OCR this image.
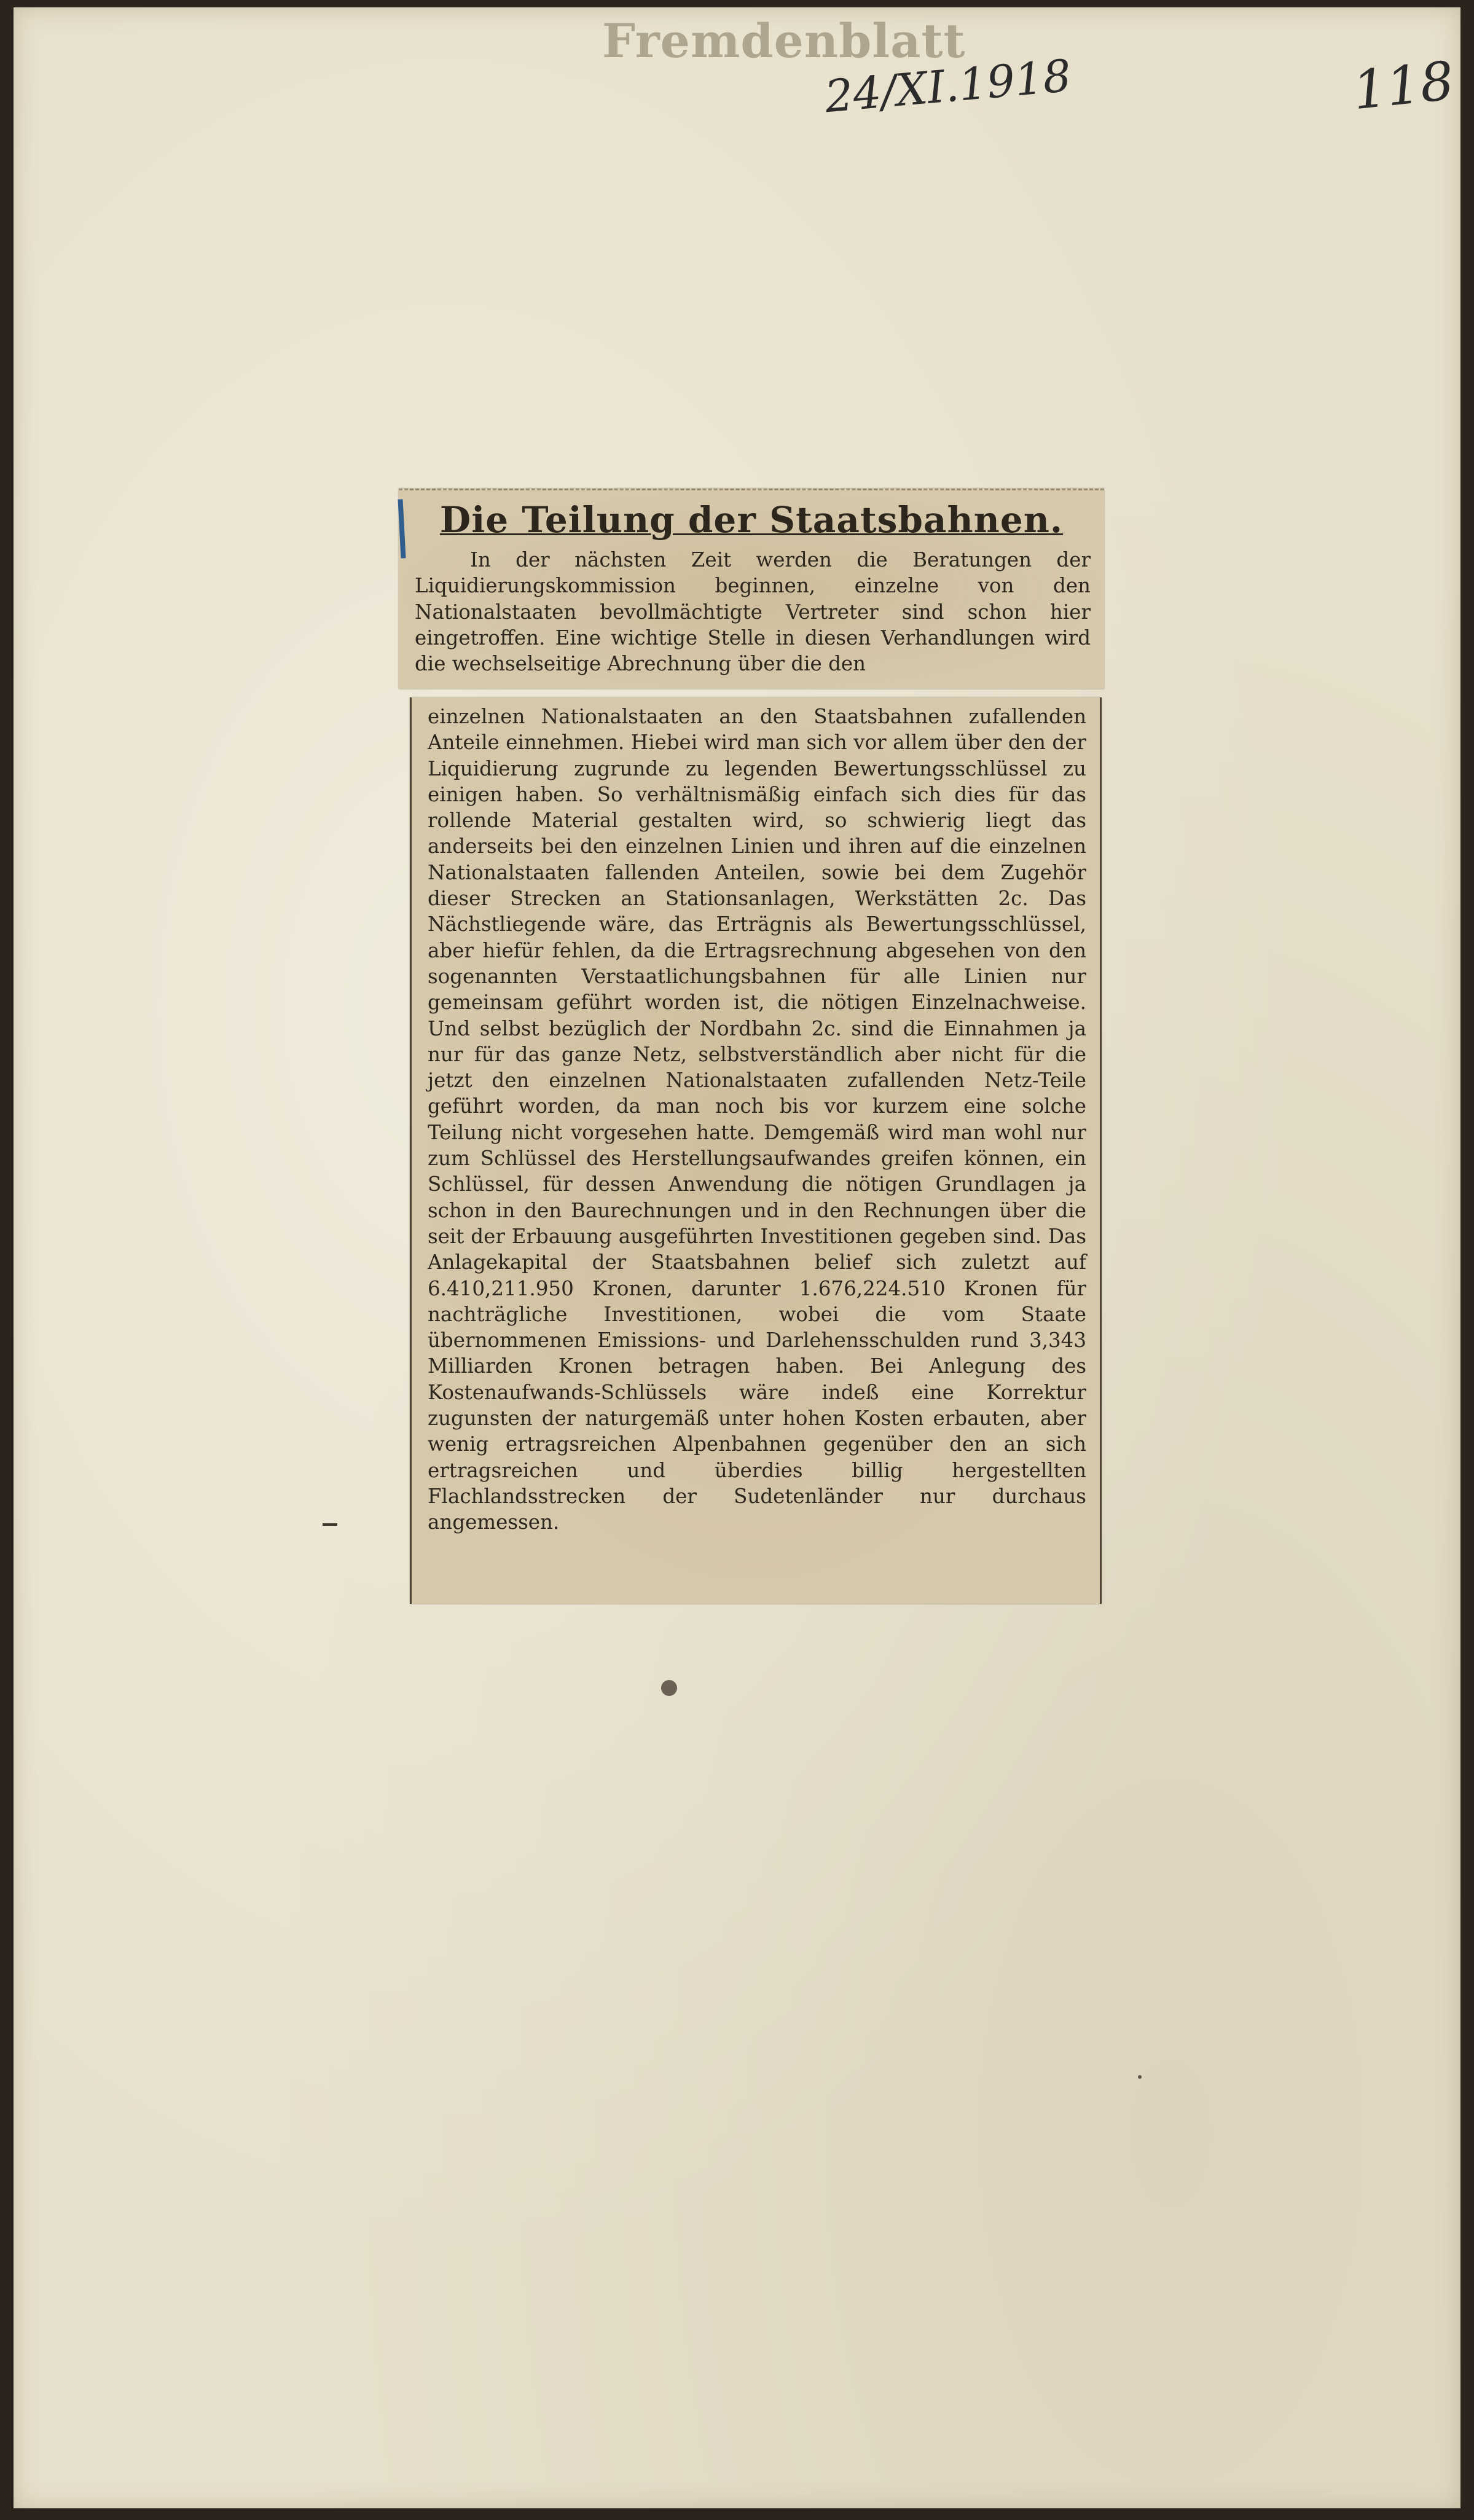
Fremdenblatt
24/XI.1918	118
Die Teilung der Staatsbahnen.

In der nächsten Zeit werden die Beratungen der Liquidierungskommission beginnen, einzelne von den Nationalstaaten bevollmächtigte Vertreter sind schon hier eingetroffen. Eine wichtige Stelle in diesen Verhandlungen wird die wechselseitige Abrechnung über die den

einzelnen Nationalstaaten an den Staatsbahnen zufallenden Anteile einnehmen. Hiebei wird man sich vor allem über den der Liquidierung zugrunde zu legenden Bewertungsschlüssel zu einigen haben. So verhältnismäßig einfach sich dies für das rollende Material gestalten wird, so schwierig liegt das anderseits bei den einzelnen Linien und ihren auf die einzelnen Nationalstaaten fallenden Anteilen, sowie bei dem Zugehör dieser Strecken an Stationsanlagen, Werkstätten 2c. Das Nächstliegende wäre, das Erträgnis als Bewertungsschlüssel, aber hiefür fehlen, da die Ertragsrechnung abgesehen von den sogenannten Verstaatlichungsbahnen für alle Linien nur gemeinsam geführt worden ist, die nötigen Einzelnachweise. Und selbst bezüglich der Nordbahn 2c. sind die Einnahmen ja nur für das ganze Netz, selbstverständlich aber nicht für die jetzt den einzelnen Nationalstaaten zufallenden Netz-Teile geführt worden, da man noch bis vor kurzem eine solche Teilung nicht vorgesehen hatte. Demgemäß wird man wohl nur zum Schlüssel des Herstellungsaufwandes greifen können, ein Schlüssel, für dessen Anwendung die nötigen Grundlagen ja schon in den Baurechnungen und in den Rechnungen über die seit der Erbauung ausgeführten Investitionen gegeben sind. Das Anlagekapital der Staatsbahnen belief sich zuletzt auf 6.410,211.950 Kronen, darunter 1.676,224.510 Kronen für nachträgliche Investitionen, wobei die vom Staate übernommenen Emissions- und Darlehensschulden rund 3,343 Milliarden Kronen betragen haben. Bei Anlegung des Kostenaufwands-Schlüssels wäre indeß eine Korrektur zugunsten der naturgemäß unter hohen Kosten erbauten, aber wenig ertragsreichen Alpenbahnen gegenüber den an sich ertragsreichen und überdies billig hergestellten Flachlandsstrecken der Sudetenländer nur durchaus angemessen.
